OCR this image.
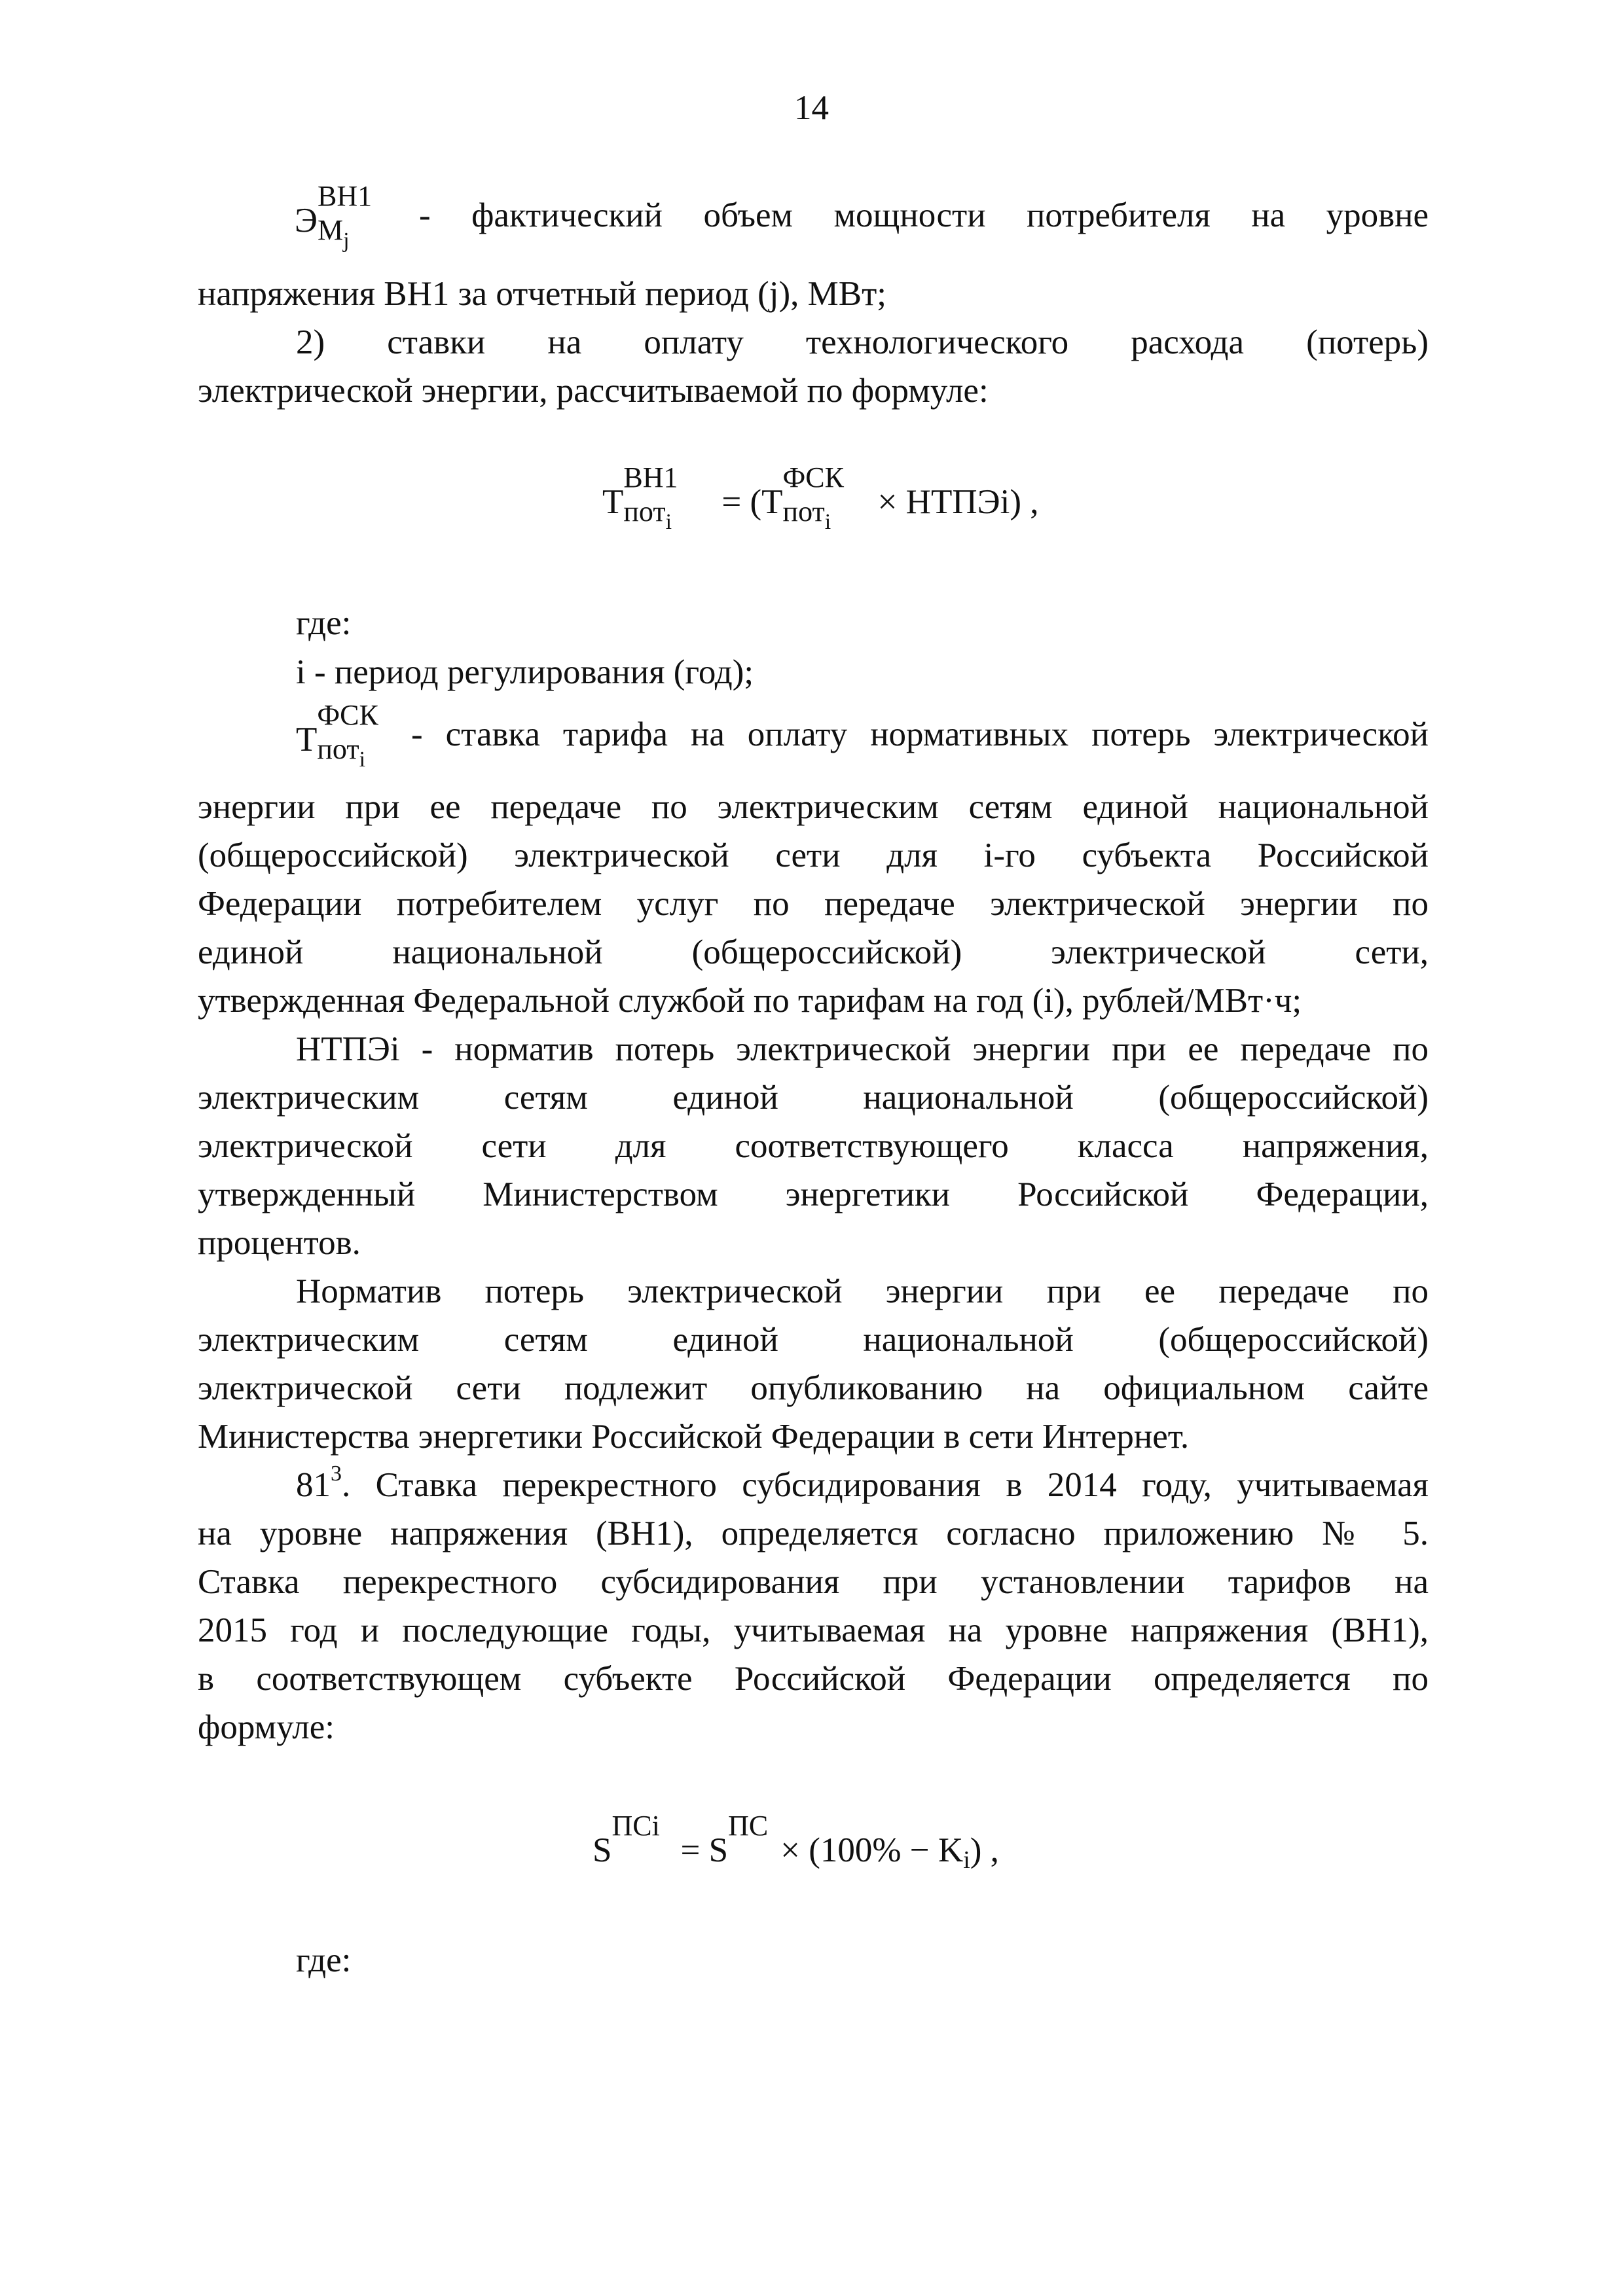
14
Э
ВН1
$M_j$
- фактический объем мощности потребителя на уровне
напряжения ВН1 за отчетный период (j), МВт;
2) ставки на оплату технологического расхода (потерь)
электрической энергии, рассчитываемой по формуле:
Т
ВН1
пот$_i$
= (Т
ФСК
пот$_i$
× НТПЭi) ,
где:
i - период регулирования (год);
Т
ФСК
пот$_i$
- ставка тарифа на оплату нормативных потерь электрической
энергии при ее передаче по электрическим сетям единой национальной
(общероссийской) электрической сети для i-го субъекта Российской
Федерации потребителем услуг по передаче электрической энергии по
единой национальной (общероссийской) электрической сети,
утвержденная Федеральной службой по тарифам на год (i), рублей/МВт·ч;
НТПЭi - норматив потерь электрической энергии при ее передаче по
электрическим сетям единой национальной (общероссийской)
электрической сети для соответствующего класса напряжения,
утвержденный Министерством энергетики Российской Федерации,
процентов.
Норматив потерь электрической энергии при ее передаче по
электрическим сетям единой национальной (общероссийской)
электрической сети подлежит опубликованию на официальном сайте
Министерства энергетики Российской Федерации в сети Интернет.
$81^3$ . Ставка перекрестного субсидирования в 2014 году, учитываемая
на уровне напряжения (ВН1), определяется согласно приложению № 5.
Ставка перекрестного субсидирования при установлении тарифов на
2015 год и последующие годы, учитываемая на уровне напряжения (ВН1),
в соответствующем субъекте Российской Федерации определяется по
формуле:
S
ПСi
= S
ПС
× (100% − Ki) ,
где:
